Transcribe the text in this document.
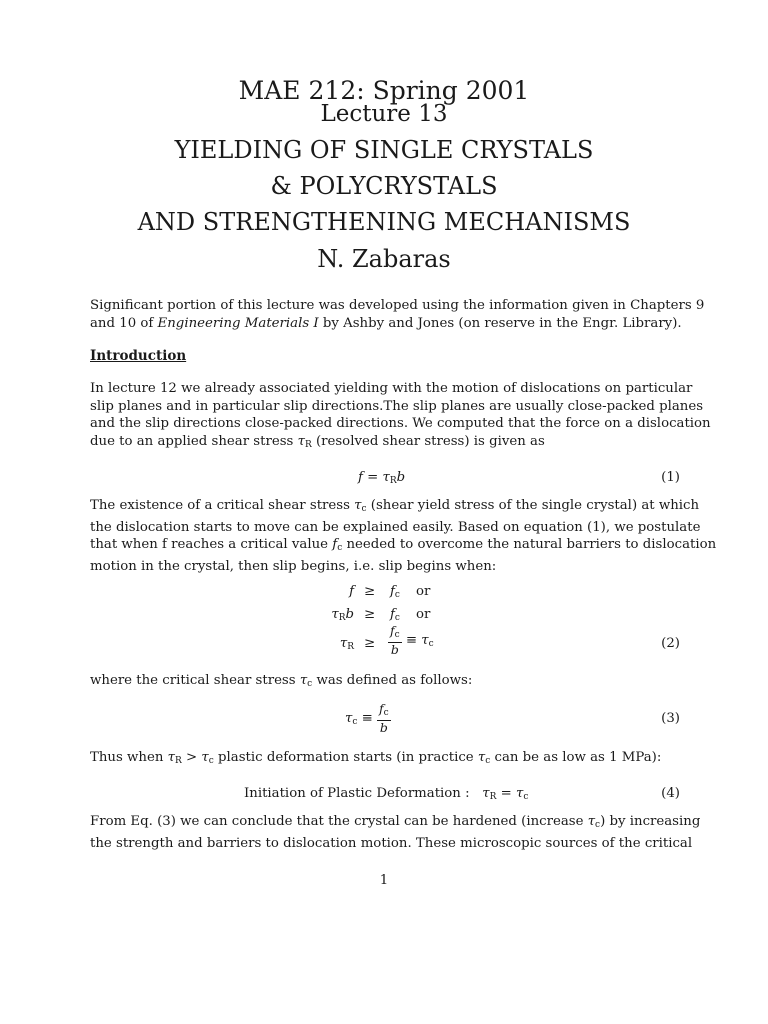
MAE 212: Spring 2001
Lecture 13
YIELDING OF SINGLE CRYSTALS
& POLYCRYSTALS
AND STRENGTHENING MECHANISMS
N. Zabaras

Significant portion of this lecture was developed using the information given in Chapters 9
and 10 of Engineering Materials I by Ashby and Jones (on reserve in the Engr. Library).

Introduction

In lecture 12 we already associated yielding with the motion of dislocations on particular
slip planes and in particular slip directions.The slip planes are usually close-packed planes
and the slip directions close-packed directions. We computed that the force on a dislocation
due to an applied shear stress $\tau_R$ (resolved shear stress) is given as

$f = \tau_Rb$	(1)

The existence of a critical shear stress $\tau_c$ (shear yield stress of the single crystal) at which
the dislocation starts to move can be explained easily. Based on equation (1), we postulate
that when f reaches a critical value $f_c$ needed to overcome the natural barriers to dislocation
motion in the crystal, then slip begins, i.e. slip begins when:

$f \ge f_c$ or
$\tau_Rb \ge f_c$ or
$\tau_R \ge \frac{f_c}{b} \equiv \tau_c$	(2)

where the critical shear stress $\tau_c$ was defined as follows:

$\tau_c \equiv \frac{f_c}{b}$	(3)

Thus when $\tau_R > \tau_c$ plastic deformation starts (in practice $\tau_c$ can be as low as 1 MPa):

Initiation of Plastic Deformation : $\tau_R = \tau_c$	(4)

From Eq. (3) we can conclude that the crystal can be hardened (increase $\tau_c$) by increasing
the strength and barriers to dislocation motion. These microscopic sources of the critical

1
